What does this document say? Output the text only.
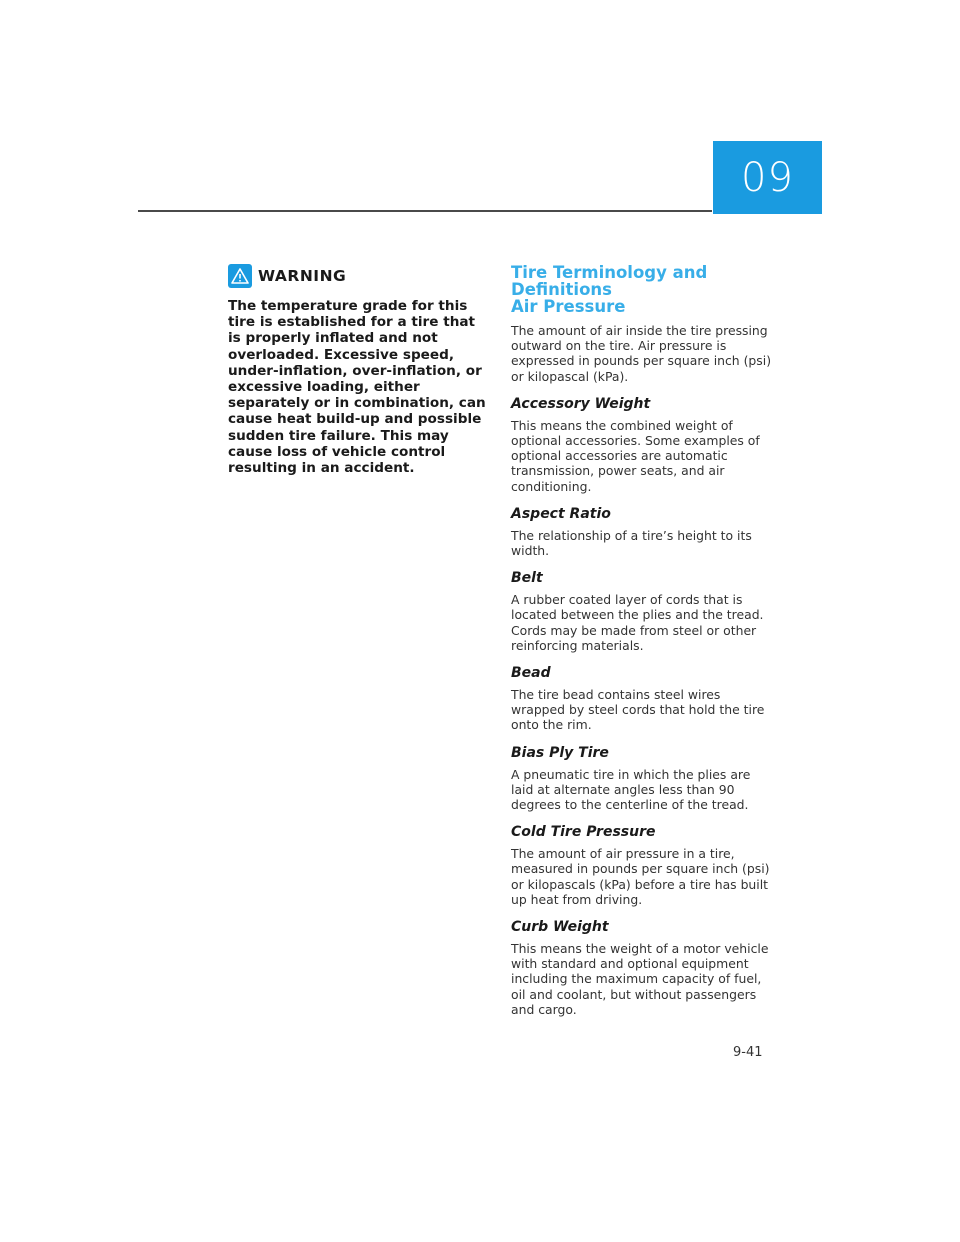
09
WARNING
The temperature grade for this tire is established for a tire that is properly inflated and not overloaded. Excessive speed, under-inflation, over-inflation, or excessive loading, either separately or in combination, can cause heat build-up and possible sudden tire failure. This may cause loss of vehicle control resulting in an accident.
Tire Terminology and Definitions
Air Pressure

The amount of air inside the tire pressing outward on the tire. Air pressure is expressed in pounds per square inch (psi) or kilopascal (kPa).

Accessory Weight

This means the combined weight of optional accessories. Some examples of optional accessories are automatic transmission, power seats, and air conditioning.

Aspect Ratio

The relationship of a tire’s height to its width.

Belt

A rubber coated layer of cords that is located between the plies and the tread. Cords may be made from steel or other reinforcing materials.

Bead

The tire bead contains steel wires wrapped by steel cords that hold the tire onto the rim.

Bias Ply Tire

A pneumatic tire in which the plies are laid at alternate angles less than 90 degrees to the centerline of the tread.

Cold Tire Pressure

The amount of air pressure in a tire, measured in pounds per square inch (psi) or kilopascals (kPa) before a tire has built up heat from driving.

Curb Weight

This means the weight of a motor vehicle with standard and optional equipment including the maximum capacity of fuel, oil and coolant, but without passengers and cargo.

9-41
